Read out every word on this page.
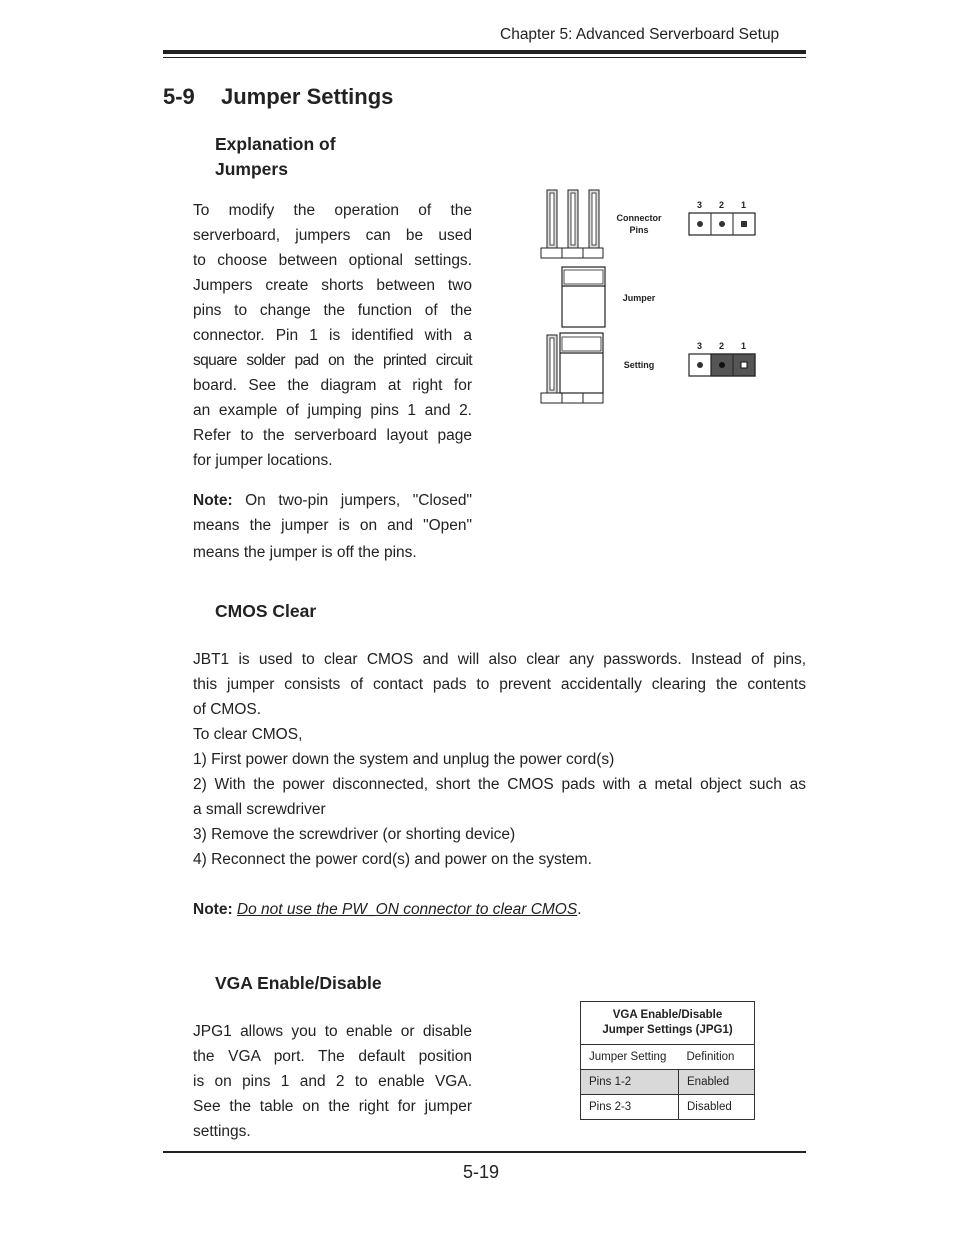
Chapter 5: Advanced Serverboard Setup
5-9 Jumper Settings
Explanation of
Jumpers
To modify the operation of the
serverboard, jumpers can be used
to choose between optional settings.
Jumpers create shorts between two
pins to change the function of the
connector. Pin 1 is identified with a
square solder pad on the printed circuit
board. See the diagram at right for
an example of jumping pins 1 and 2.
Refer to the serverboard layout page
for jumper locations.
Note: On two-pin jumpers, "Closed"
means the jumper is on and "Open"
means the jumper is off the pins.
Connector Pins
Jumper
Setting
3 2 1
3 2 1
CMOS Clear
JBT1 is used to clear CMOS and will also clear any passwords. Instead of pins,
this jumper consists of contact pads to prevent accidentally clearing the contents
of CMOS.
To clear CMOS,
1) First power down the system and unplug the power cord(s)
2) With the power disconnected, short the CMOS pads with a metal object such as
a small screwdriver
3) Remove the screwdriver (or shorting device)
4) Reconnect the power cord(s) and power on the system.
Note: Do not use the PW_ON connector to clear CMOS.
VGA Enable/Disable
JPG1 allows you to enable or disable
the VGA port. The default position
is on pins 1 and 2 to enable VGA.
See the table on the right for jumper
settings.
VGA Enable/Disable
Jumper Settings (JPG1)	

Jumper Setting	Definition
Pins 1-2	Enabled
Pins 2-3	Disabled
5-19
